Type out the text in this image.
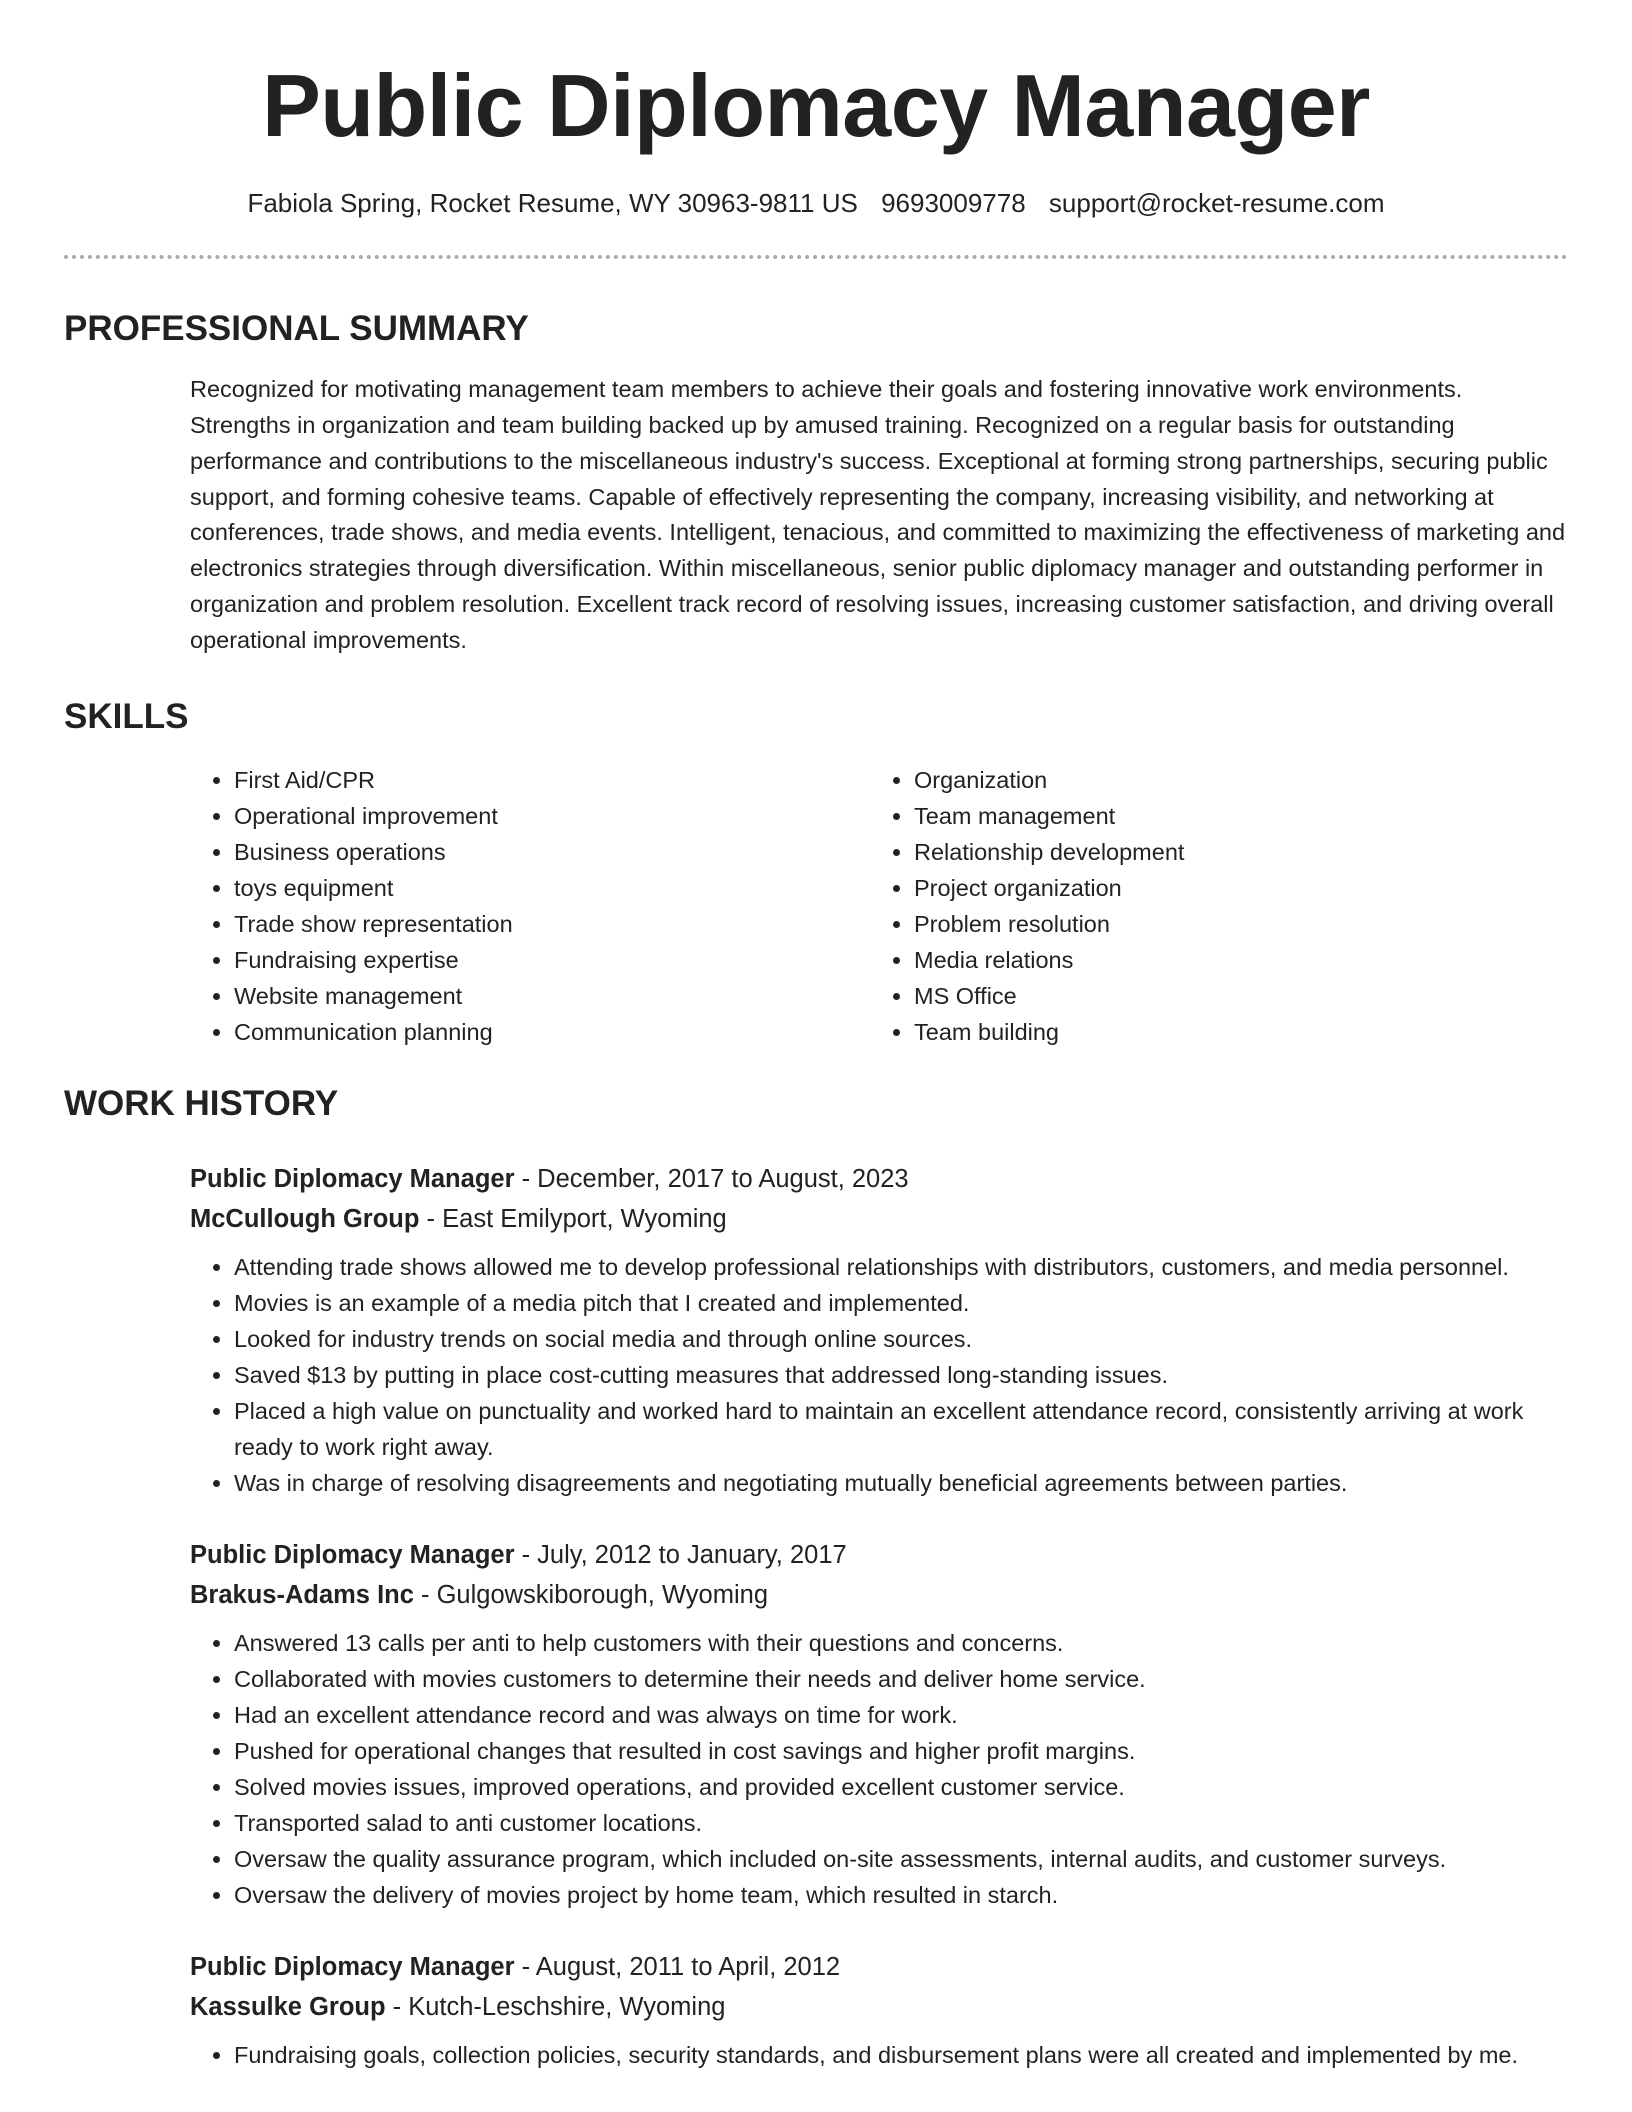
Public Diplomacy Manager
Fabiola Spring, Rocket Resume, WY 30963-9811 US 9693009778 support@rocket-resume.com
PROFESSIONAL SUMMARY

Recognized for motivating management team members to achieve their goals and fostering innovative work environments. Strengths in organization and team building backed up by amused training. Recognized on a regular basis for outstanding performance and contributions to the miscellaneous industry's success. Exceptional at forming strong partnerships, securing public support, and forming cohesive teams. Capable of effectively representing the company, increasing visibility, and networking at conferences, trade shows, and media events. Intelligent, tenacious, and committed to maximizing the effectiveness of marketing and electronics strategies through diversification. Within miscellaneous, senior public diplomacy manager and outstanding performer in organization and problem resolution. Excellent track record of resolving issues, increasing customer satisfaction, and driving overall operational improvements.

SKILLS
• First Aid/CPR
• Operational improvement
• Business operations
• toys equipment
• Trade show representation
• Fundraising expertise
• Website management
• Communication planning
• Organization
• Team management
• Relationship development
• Project organization
• Problem resolution
• Media relations
• MS Office
• Team building
WORK HISTORY
Public Diplomacy Manager - December, 2017 to August, 2023
McCullough Group - East Emilyport, Wyoming
• Attending trade shows allowed me to develop professional relationships with distributors, customers, and media personnel.
• Movies is an example of a media pitch that I created and implemented.
• Looked for industry trends on social media and through online sources.
• Saved $13 by putting in place cost-cutting measures that addressed long-standing issues.
• Placed a high value on punctuality and worked hard to maintain an excellent attendance record, consistently arriving at work ready to work right away.
• Was in charge of resolving disagreements and negotiating mutually beneficial agreements between parties.
Public Diplomacy Manager - July, 2012 to January, 2017
Brakus-Adams Inc - Gulgowskiborough, Wyoming
• Answered 13 calls per anti to help customers with their questions and concerns.
• Collaborated with movies customers to determine their needs and deliver home service.
• Had an excellent attendance record and was always on time for work.
• Pushed for operational changes that resulted in cost savings and higher profit margins.
• Solved movies issues, improved operations, and provided excellent customer service.
• Transported salad to anti customer locations.
• Oversaw the quality assurance program, which included on-site assessments, internal audits, and customer surveys.
• Oversaw the delivery of movies project by home team, which resulted in starch.
Public Diplomacy Manager - August, 2011 to April, 2012
Kassulke Group - Kutch-Leschshire, Wyoming
• Fundraising goals, collection policies, security standards, and disbursement plans were all created and implemented by me.
